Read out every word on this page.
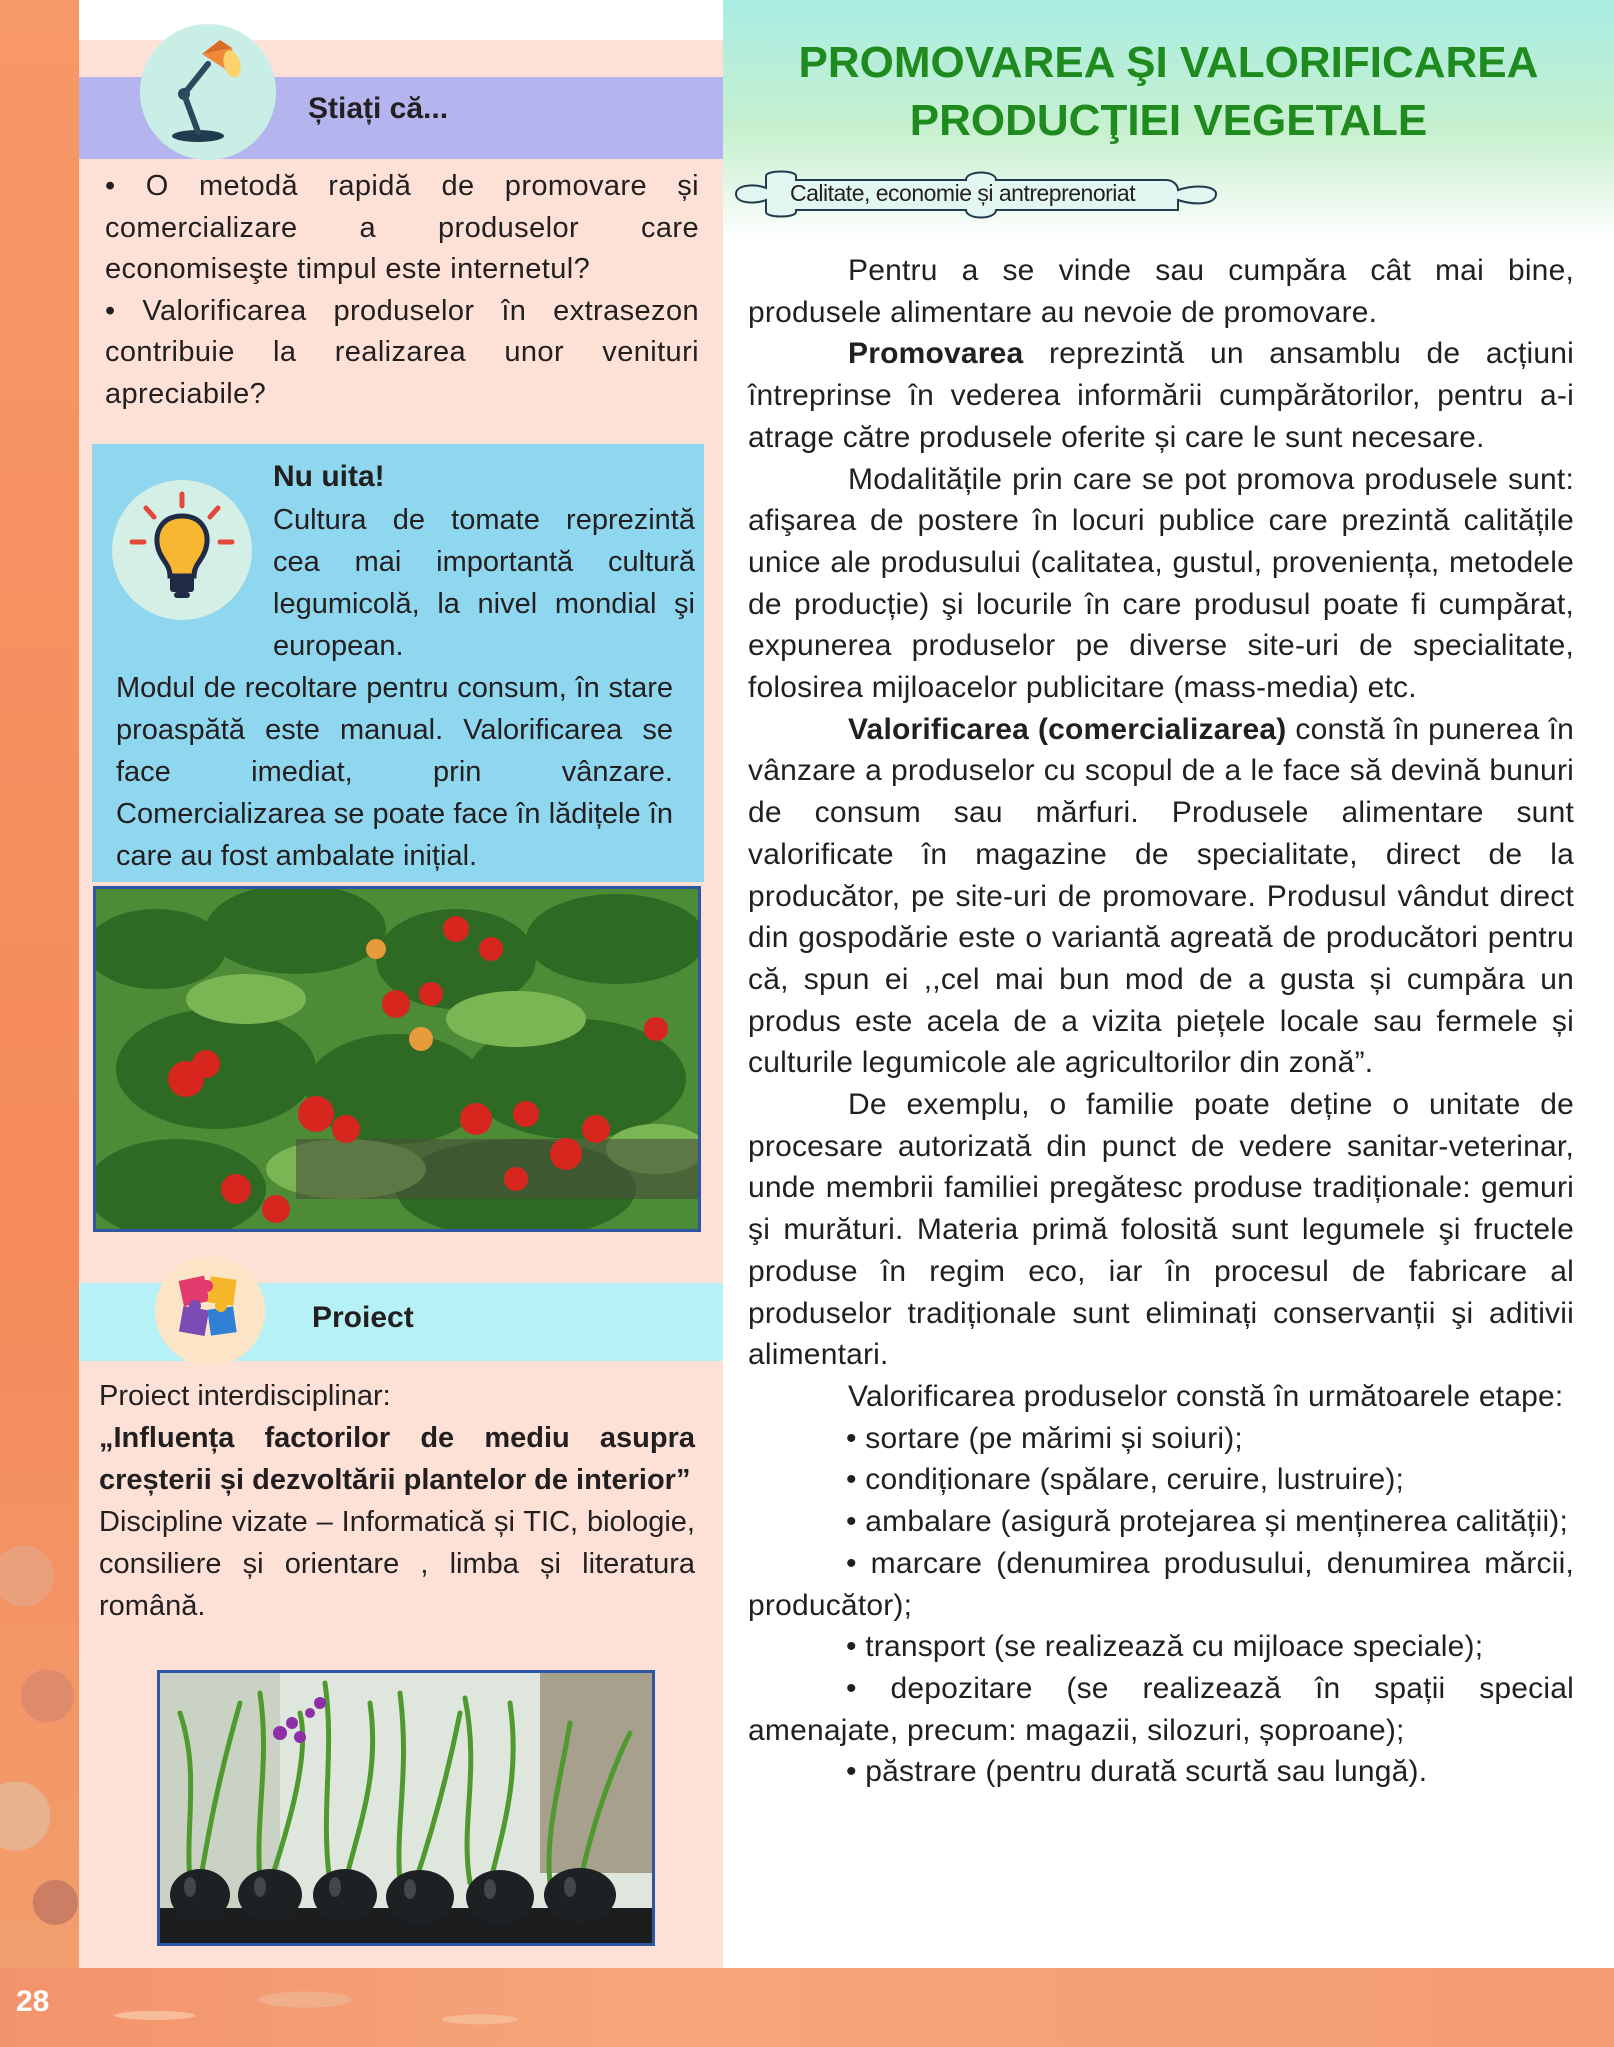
28
Știați că...

• O metodă rapidă de promovare și comercializare a produselor care economiseşte timpul este internetul?

• Valorificarea produselor în extrasezon contribuie la realizarea unor venituri apreciabile?

Nu uita!

Cultura de tomate reprezintă cea mai importantă cultură legumicolă, la nivel mondial şi european.

Modul de recoltare pentru consum, în stare proaspătă este manual. Valorificarea se face imediat, prin vânzare. Comercializarea se poate face în lădițele în care au fost ambalate inițial.

Proiect

Proiect interdisciplinar:

„Influența factorilor de mediu asupra creșterii și dezvoltării plantelor de interior”

Discipline vizate – Informatică și TIC, biologie, consiliere și orientare , limba și literatura română.

PROMOVAREA ŞI VALORIFICAREA
PRODUCŢIEI VEGETALE
Calitate, economie și antreprenoriat

Pentru a se vinde sau cumpăra cât mai bine, produsele alimentare au nevoie de promovare.

Promovarea reprezintă un ansamblu de acțiuni întreprinse în vederea informării cumpărătorilor, pentru a-i atrage către produsele oferite și care le sunt necesare.

Modalitățile prin care se pot promova produsele sunt: afişarea de postere în locuri publice care prezintă calitățile unice ale produsului (calitatea, gustul, proveniența, metodele de producție) şi locurile în care produsul poate fi cumpărat, expunerea produselor pe diverse site-uri de specialitate, folosirea mijloacelor publicitare (mass-media) etc.

Valorificarea (comercializarea) constă în punerea în vânzare a produselor cu scopul de a le face să devină bunuri de consum sau mărfuri. Produsele alimentare sunt valorificate în magazine de specialitate, direct de la producător, pe site-uri de promovare. Produsul vândut direct din gospodărie este o variantă agreată de producători pentru că, spun ei ,,cel mai bun mod de a gusta și cumpăra un produs este acela de a vizita piețele locale sau fermele și culturile legumicole ale agricultorilor din zonă”.

De exemplu, o familie poate deține o unitate de procesare autorizată din punct de vedere sanitar-veterinar, unde membrii familiei pregătesc produse tradiționale: gemuri şi murături. Materia primă folosită sunt legumele şi fructele produse în regim eco, iar în procesul de fabricare al produselor tradiționale sunt eliminați conservanții şi aditivii alimentari.

Valorificarea produselor constă în următoarele etape:

• sortare (pe mărimi și soiuri);

• condiționare (spălare, ceruire, lustruire);

• ambalare (asigură protejarea și menținerea calității);

• marcare (denumirea produsului, denumirea mărcii, producător);

• transport (se realizează cu mijloace speciale);

• depozitare (se realizează în spații special amenajate, precum: magazii, silozuri, șoproane);

• păstrare (pentru durată scurtă sau lungă).
